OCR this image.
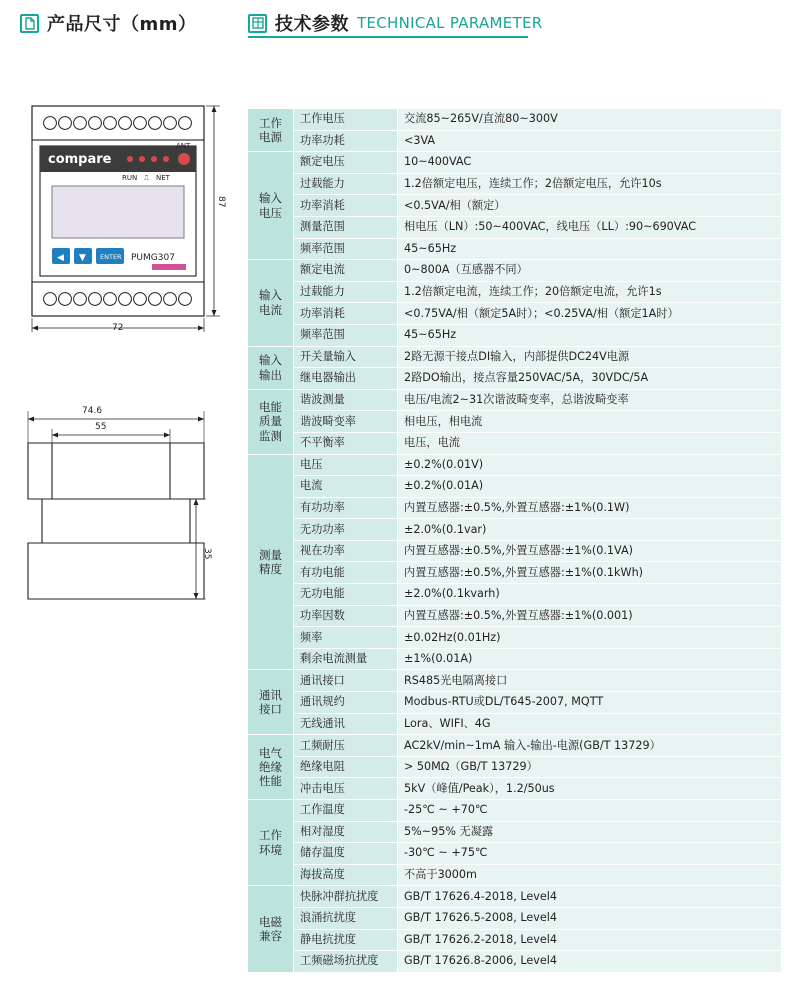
产品尺寸（mm）	技术参数 TECHNICAL PARAMETER
compare
RUN ⎍ NET
ANT
◀ ▼ ENTER PUMG307
72
87
74.6
55
35
工作
电源	工作电压	交流85~265V/直流80~300V
	功率功耗	<3VA
输入
电压	额定电压	10~400VAC
	过载能力	1.2倍额定电压，连续工作；2倍额定电压，允许10s
	功率消耗	<0.5VA/相（额定）
	测量范围	相电压（LN）:50~400VAC，线电压（LL）:90~690VAC
	频率范围	45~65Hz
输入
电流	额定电流	0~800A（互感器不同）
	过载能力	1.2倍额定电流，连续工作；20倍额定电流，允许1s
	功率消耗	<0.75VA/相（额定5A时）；<0.25VA/相（额定1A时）
	频率范围	45~65Hz
输入
输出	开关量输入	2路无源干接点DI输入，内部提供DC24V电源
	继电器输出	2路DO输出，接点容量250VAC/5A，30VDC/5A
电能
质量
监测	谐波测量	电压/电流2~31次谐波畸变率，总谐波畸变率
	谐波畸变率	相电压，相电流
	不平衡率	电压，电流
测量
精度	电压	±0.2%(0.01V)
	电流	±0.2%(0.01A)
	有功功率	内置互感器:±0.5%,外置互感器:±1%(0.1W)
	无功功率	±2.0%(0.1var)
	视在功率	内置互感器:±0.5%,外置互感器:±1%(0.1VA)
	有功电能	内置互感器:±0.5%,外置互感器:±1%(0.1kWh)
	无功电能	±2.0%(0.1kvarh)
	功率因数	内置互感器:±0.5%,外置互感器:±1%(0.001)
	频率	±0.02Hz(0.01Hz)
	剩余电流测量	±1%(0.01A)
通讯
接口	通讯接口	RS485光电隔离接口
	通讯规约	Modbus-RTU或DL/T645-2007, MQTT
	无线通讯	Lora、WIFI、4G
电气
绝缘
性能	工频耐压	AC2kV/min~1mA 输入-输出-电源(GB/T 13729）
	绝缘电阻	> 50MΩ（GB/T 13729）
	冲击电压	5kV（峰值/Peak），1.2/50us
工作
环境	工作温度	-25℃ ~ +70℃
	相对湿度	5%~95% 无凝露
	储存温度	-30℃ ~ +75℃
	海拔高度	不高于3000m
电磁
兼容	快脉冲群抗扰度	GB/T 17626.4-2018, Level4
	浪涌抗扰度	GB/T 17626.5-2008, Level4
	静电抗扰度	GB/T 17626.2-2018, Level4
	工频磁场抗扰度	GB/T 17626.8-2006, Level4
